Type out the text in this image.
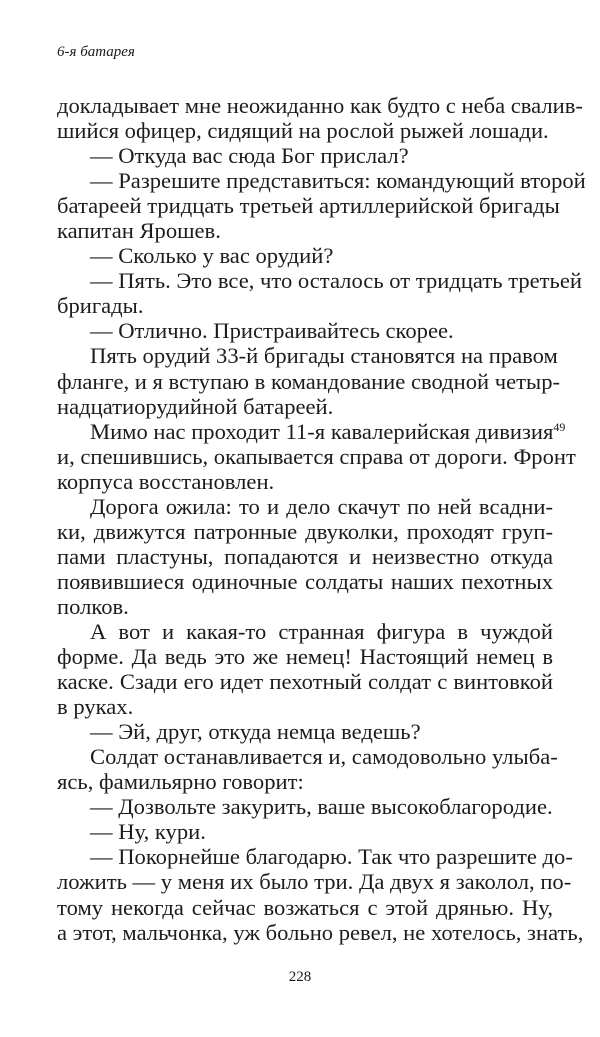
6-я батарея
докладывает мне неожиданно как будто с неба свалив-
шийся офицер, сидящий на рослой рыжей лошади.
— Откуда вас сюда Бог прислал?
— Разрешите представиться: командующий второй
батареей тридцать третьей артиллерийской бригады
капитан Ярошев.
— Сколько у вас орудий?
— Пять. Это все, что осталось от тридцать третьей
бригады.
— Отлично. Пристраивайтесь скорее.
Пять орудий 33-й бригады становятся на правом
фланге, и я вступаю в командование сводной четыр-
надцатиорудийной батареей.
Мимо нас проходит 11-я кавалерийская дивизия$^{49}$
и, спешившись, окапывается справа от дороги. Фронт
корпуса восстановлен.
Дорога ожила: то и дело скачут по ней всадни-
ки, движутся патронные двуколки, проходят груп-
пами пластуны, попадаются и неизвестно откуда
появившиеся одиночные солдаты наших пехотных
полков.
А вот и какая-то странная фигура в чуждой
форме. Да ведь это же немец! Настоящий немец в
каске. Сзади его идет пехотный солдат с винтовкой
в руках.
— Эй, друг, откуда немца ведешь?
Солдат останавливается и, самодовольно улыба-
ясь, фамильярно говорит:
— Дозвольте закурить, ваше высокоблагородие.
— Ну, кури.
— Покорнейше благодарю. Так что разрешите до-
ложить — у меня их было три. Да двух я заколол, по-
тому некогда сейчас возжаться с этой дрянью. Ну,
а этот, мальчонка, уж больно ревел, не хотелось, знать,
228
